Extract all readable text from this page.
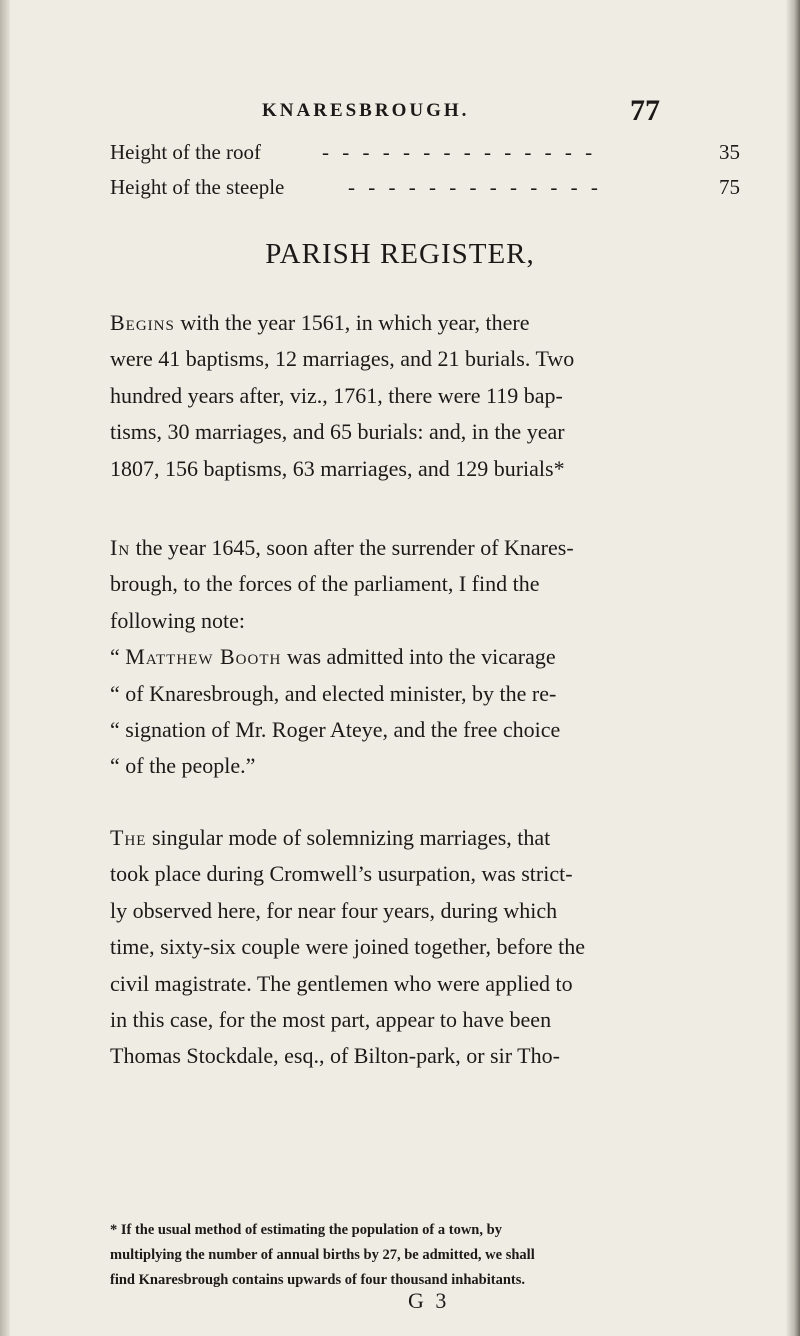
KNARESBROUGH.	77
Height of the roof	- - - - - - - - - - - - - -	35
Height of the steeple	- - - - - - - - - - - - -	75
PARISH REGISTER,

Begins with the year 1561, in which year, there

were 41 baptisms, 12 marriages, and 21 burials. Two

hundred years after, viz., 1761, there were 119 bap-

tisms, 30 marriages, and 65 burials: and, in the year

1807, 156 baptisms, 63 marriages, and 129 burials*

In the year 1645, soon after the surrender of Knares-

brough, to the forces of the parliament, I find the

following note:

“ Matthew Booth was admitted into the vicarage

“ of Knaresbrough, and elected minister, by the re-

“ signation of Mr. Roger Ateye, and the free choice

“ of the people.”

The singular mode of solemnizing marriages, that

took place during Cromwell’s usurpation, was strict-

ly observed here, for near four years, during which

time, sixty-six couple were joined together, before the

civil magistrate. The gentlemen who were applied to

in this case, for the most part, appear to have been

Thomas Stockdale, esq., of Bilton-park, or sir Tho-

* If the usual method of estimating the population of a town, by

multiplying the number of annual births by 27, be admitted, we shall

find Knaresbrough contains upwards of four thousand inhabitants.

G 3
